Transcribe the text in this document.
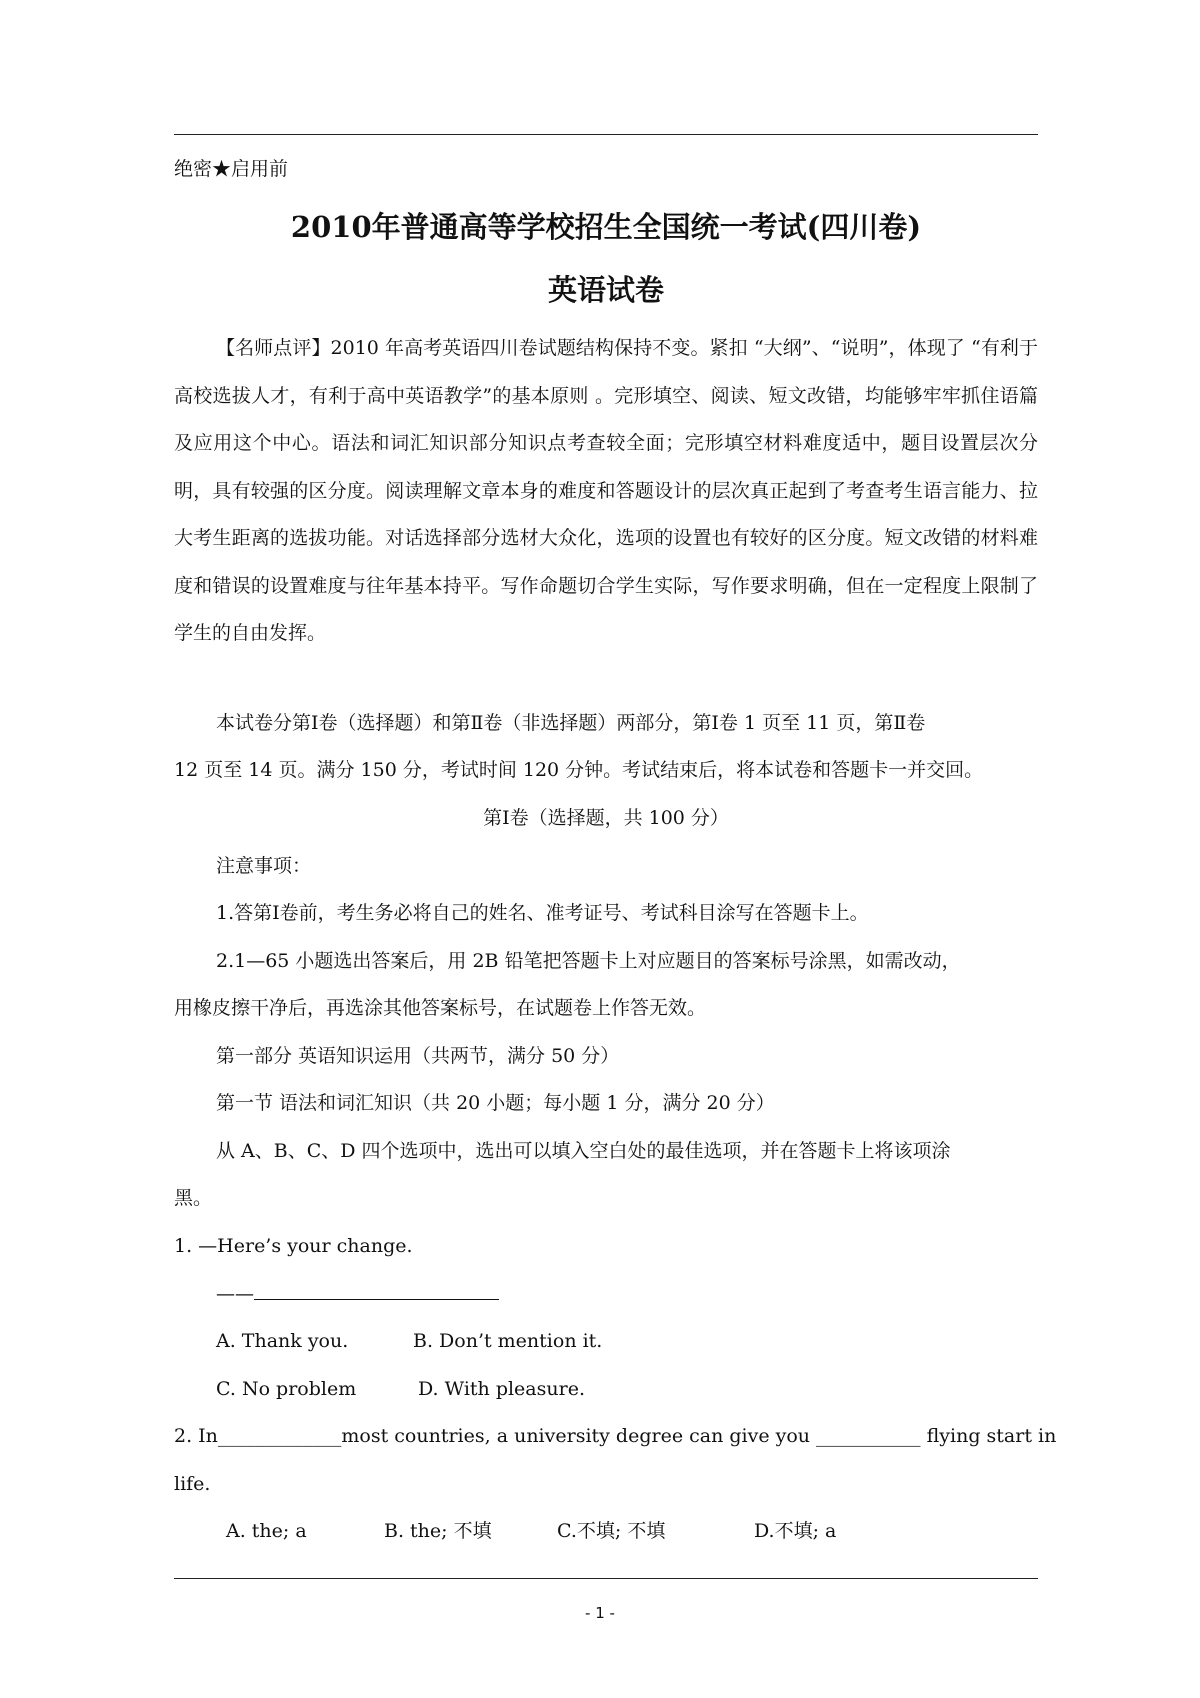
绝密★启用前

2010年普通高等学校招生全国统一考试(四川卷)

英语试卷

【名师点评】2010 年高考英语四川卷试题结构保持不变。紧扣 “大纲”、“说明”，体现了 “有利于高校选拔人才，有利于高中英语教学”的基本原则 。完形填空、阅读、短文改错，均能够牢牢抓住语篇及应用这个中心。语法和词汇知识部分知识点考查较全面；完形填空材料难度适中，题目设置层次分明，具有较强的区分度。阅读理解文章本身的难度和答题设计的层次真正起到了考查考生语言能力、拉大考生距离的选拔功能。对话选择部分选材大众化，选项的设置也有较好的区分度。短文改错的材料难度和错误的设置难度与往年基本持平。写作命题切合学生实际，写作要求明确，但在一定程度上限制了学生的自由发挥。

本试卷分第Ⅰ卷（选择题）和第Ⅱ卷（非选择题）两部分，第Ⅰ卷 1 页至 11 页，第Ⅱ卷

12 页至 14 页。满分 150 分，考试时间 120 分钟。考试结束后，将本试卷和答题卡一并交回。

第Ⅰ卷（选择题，共 100 分）

注意事项：

1.答第Ⅰ卷前，考生务必将自己的姓名、准考证号、考试科目涂写在答题卡上。

2.1—65 小题选出答案后，用 2B 铅笔把答题卡上对应题目的答案标号涂黑，如需改动，

用橡皮擦干净后，再选涂其他答案标号，在试题卷上作答无效。

第一部分 英语知识运用（共两节，满分 50 分）

第一节 语法和词汇知识（共 20 小题；每小题 1 分，满分 20 分）

从 A、B、C、D 四个选项中，选出可以填入空白处的最佳选项，并在答题卡上将该项涂

黑。

1. —Here’s your change.

——

A. Thank you.	B. Don’t mention it.
C. No problem	D. With pleasure.

2. In_____________most countries, a university degree can give you ___________ flying start in

life.

A. the; a	B. the; 不填	C.不填; 不填	D.不填; a
- 1 -
